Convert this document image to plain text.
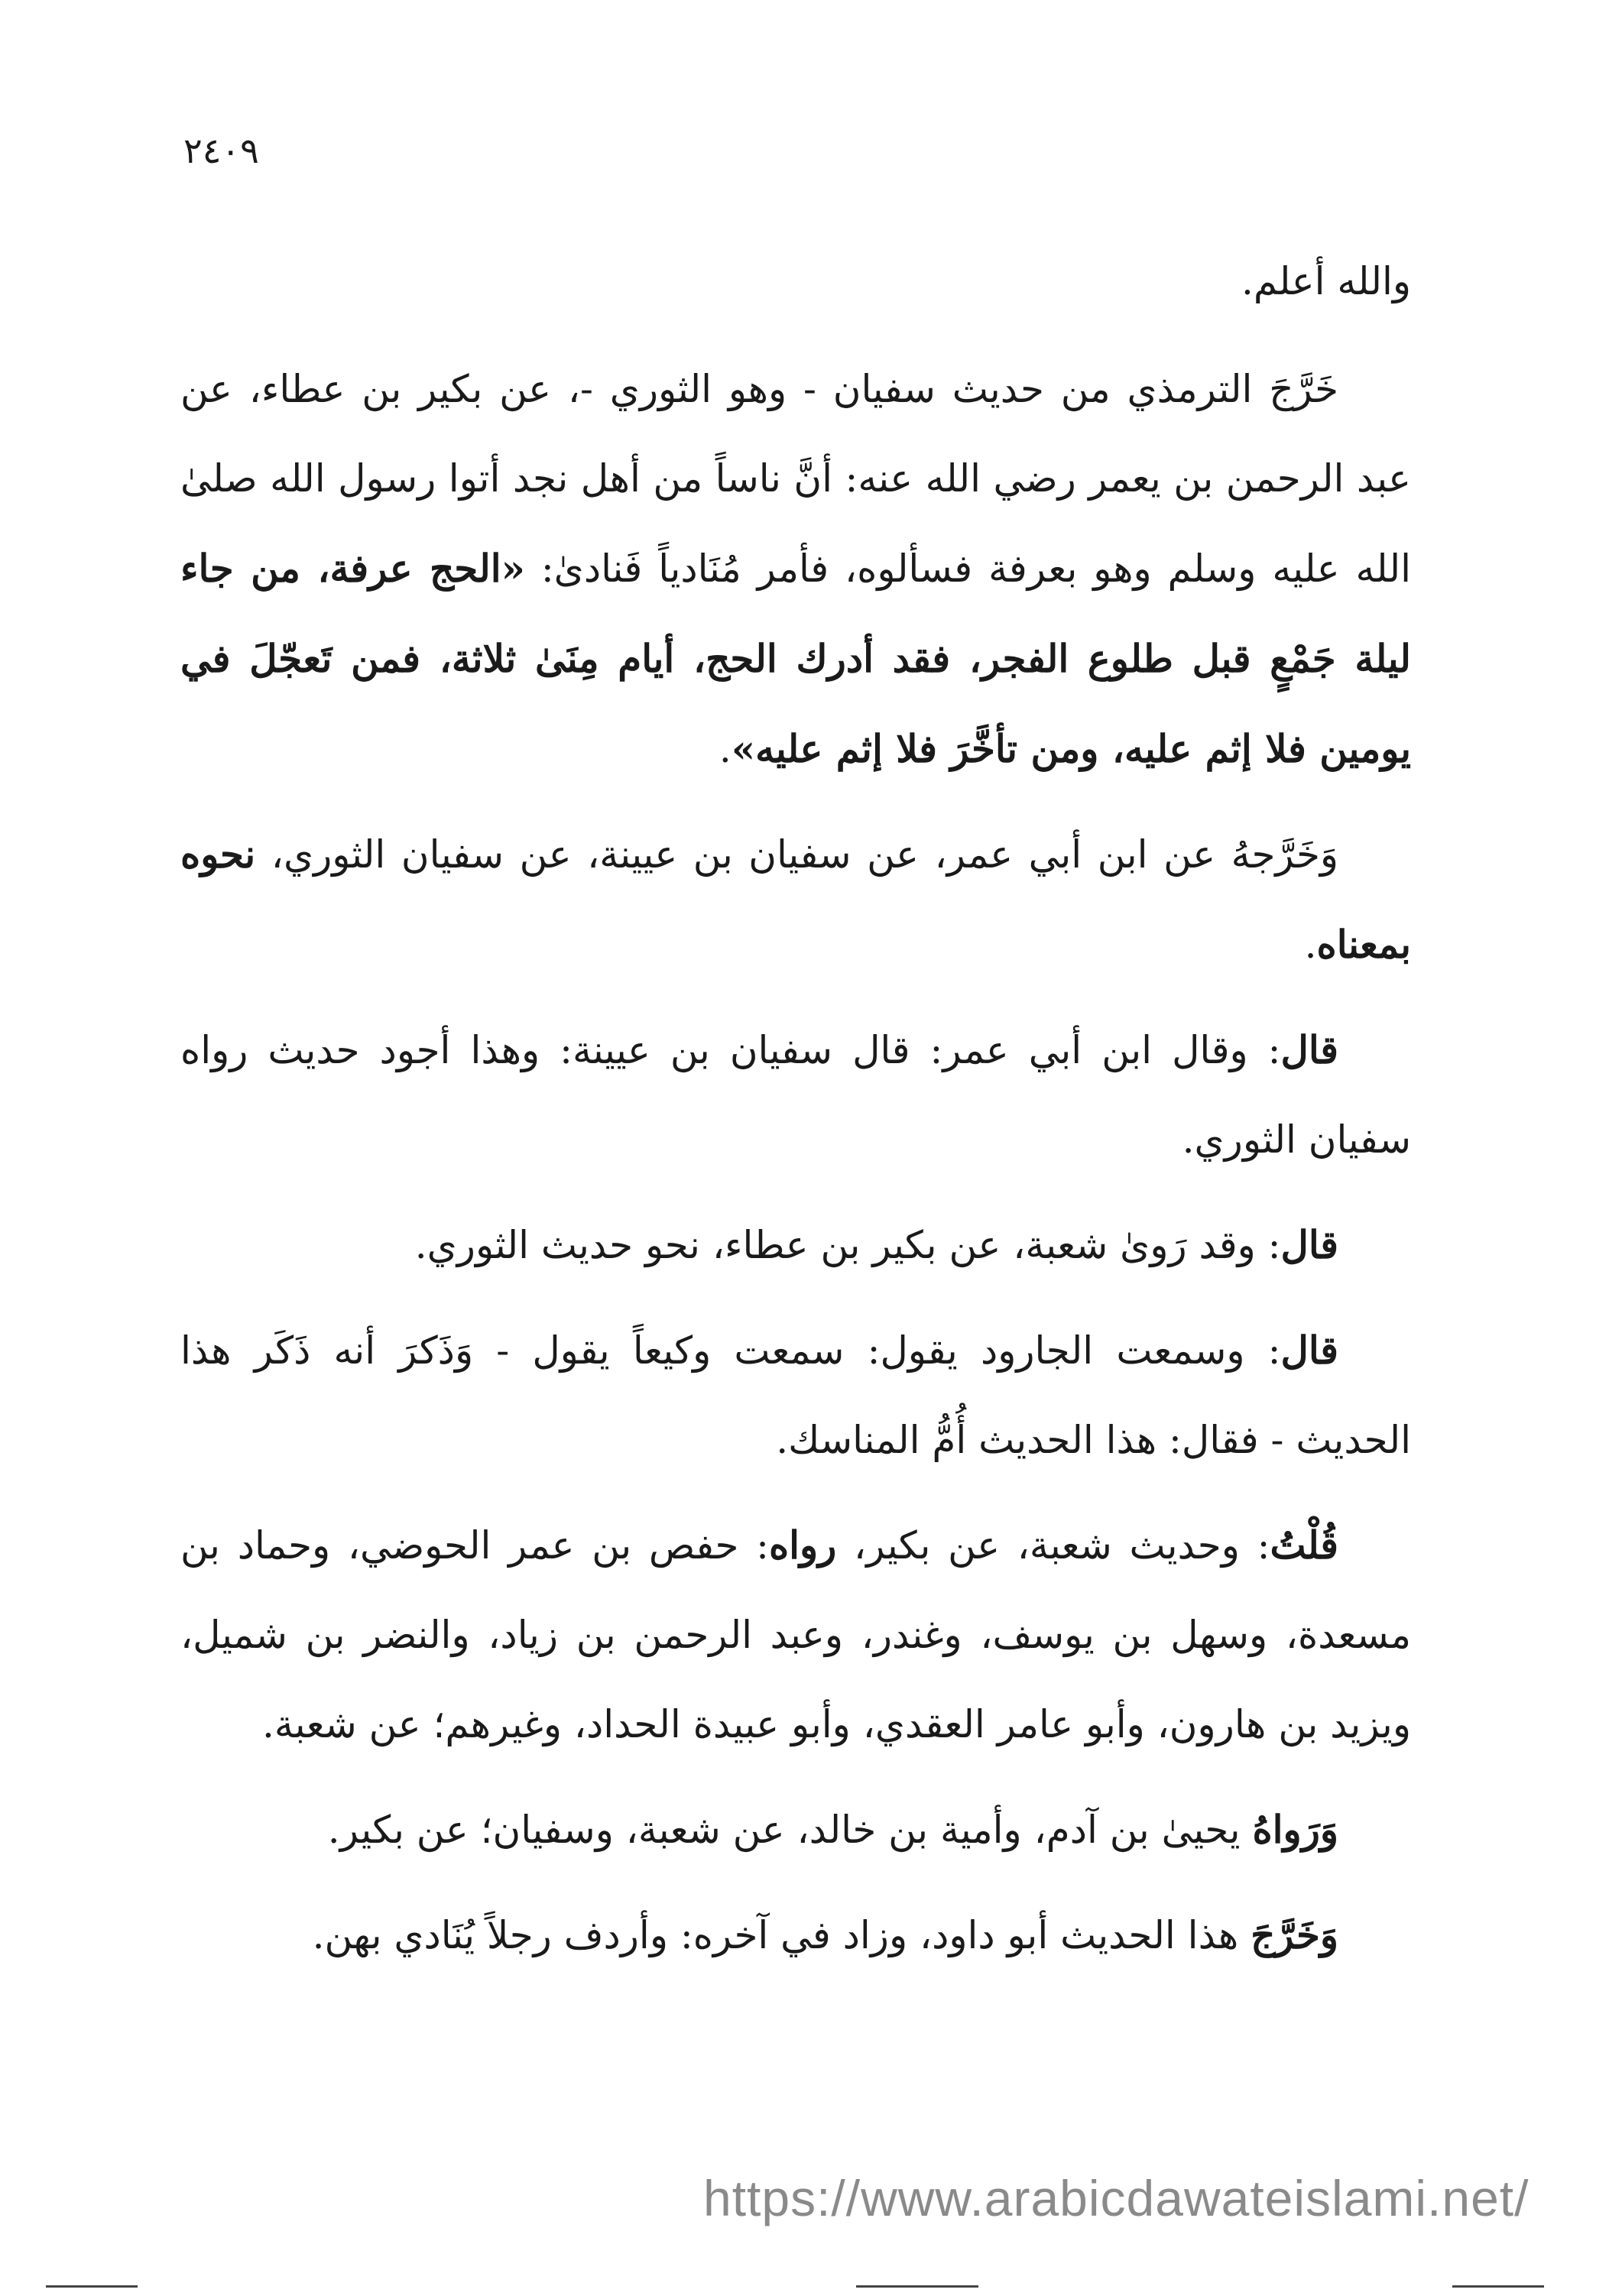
٢٤٠٩

والله أعلم.

خَرَّجَ الترمذي من حديث سفيان - وهو الثوري -، عن بكير بن عطاء، عن عبد الرحمن بن يعمر رضي الله عنه: أنَّ ناساً من أهل نجد أتوا رسول الله صلىٰ الله عليه وسلم وهو بعرفة فسألوه، فأمر مُنَادياً فَنادىٰ: «الحج عرفة، من جاء ليلة جَمْعٍ قبل طلوع الفجر، فقد أدرك الحج، أيام مِنَىٰ ثلاثة، فمن تَعجّلَ في يومين فلا إثم عليه، ومن تأخَّرَ فلا إثم عليه».

وَخَرَّجهُ عن ابن أبي عمر، عن سفيان بن عيينة، عن سفيان الثوري، نحوه بمعناه.

قال: وقال ابن أبي عمر: قال سفيان بن عيينة: وهذا أجود حديث رواه سفيان الثوري.

قال: وقد رَوىٰ شعبة، عن بكير بن عطاء، نحو حديث الثوري.

قال: وسمعت الجارود يقول: سمعت وكيعاً يقول - وَذَكرَ أنه ذَكَر هذا الحديث - فقال: هذا الحديث أُمُّ المناسك.

قُلْتُ: وحديث شعبة، عن بكير، رواه: حفص بن عمر الحوضي، وحماد بن مسعدة، وسهل بن يوسف، وغندر، وعبد الرحمن بن زياد، والنضر بن شميل، ويزيد بن هارون، وأبو عامر العقدي، وأبو عبيدة الحداد، وغيرهم؛ عن شعبة.

وَرَواهُ يحيىٰ بن آدم، وأمية بن خالد، عن شعبة، وسفيان؛ عن بكير.

وَخَرَّجَ هذا الحديث أبو داود، وزاد في آخره: وأردف رجلاً يُنَادي بهن.

https://www.arabicdawateislami.net/
